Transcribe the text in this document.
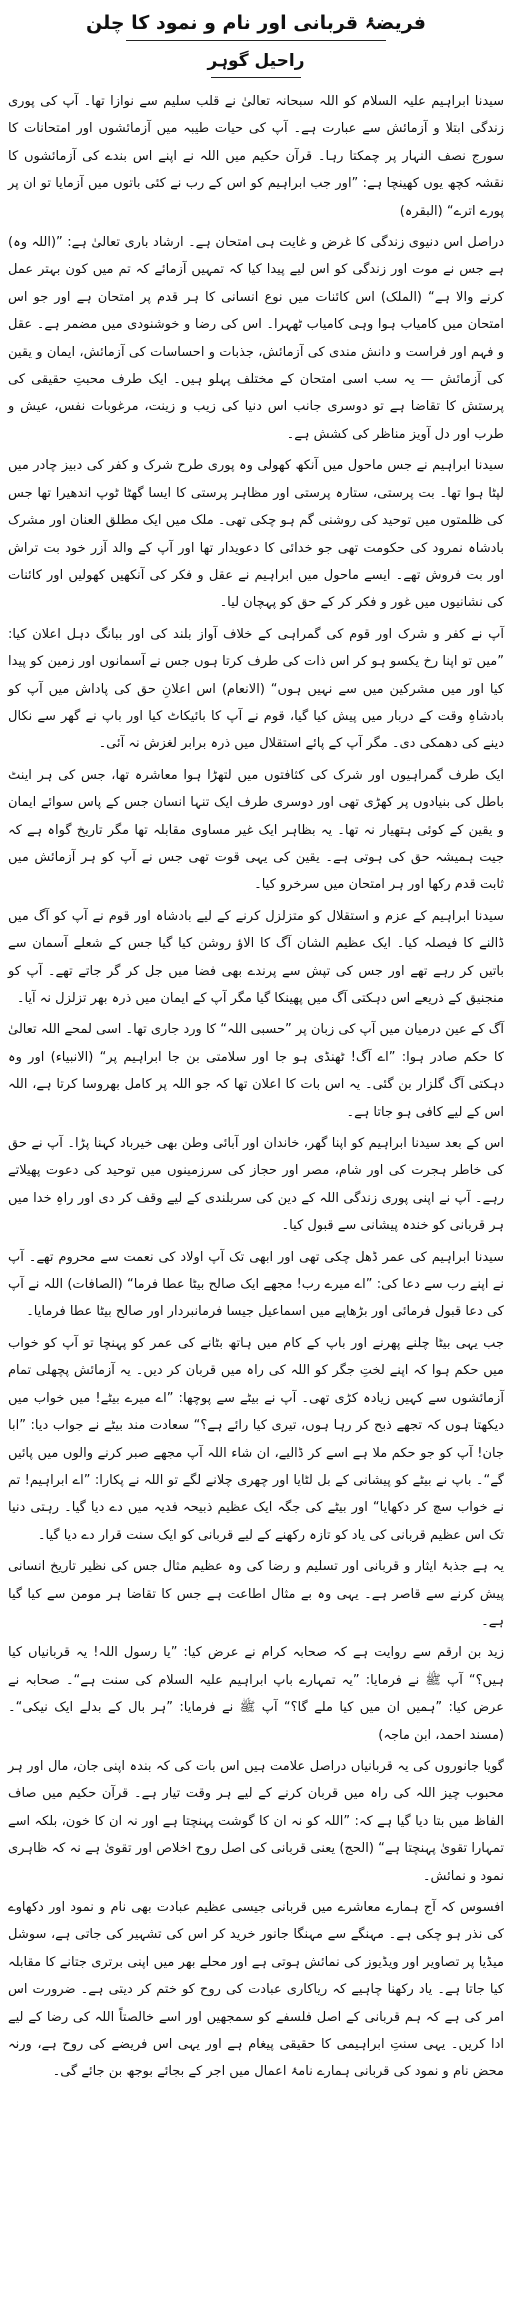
فریضۂ قربانی اور نام و نمود کا چلن
راحیل گوہر

سیدنا ابراہیم علیہ السلام کو اللہ سبحانہ تعالیٰ نے قلب سلیم سے نوازا تھا۔ آپ کی پوری زندگی ابتلا و آزمائش سے عبارت ہے۔ آپ کی حیات طیبہ میں آزمائشوں اور امتحانات کا سورج نصف النہار پر چمکتا رہا۔ قرآن حکیم میں اللہ نے اپنے اس بندے کی آزمائشوں کا نقشہ کچھ یوں کھینچا ہے: ”اور جب ابراہیم کو اس کے رب نے کئی باتوں میں آزمایا تو ان پر پورے اترے“ (البقرہ)

دراصل اس دنیوی زندگی کا غرض و غایت ہی امتحان ہے۔ ارشاد باری تعالیٰ ہے: ”(اللہ وہ) ہے جس نے موت اور زندگی کو اس لیے پیدا کیا کہ تمہیں آزمائے کہ تم میں کون بہتر عمل کرنے والا ہے“ (الملک) اس کائنات میں نوع انسانی کا ہر قدم پر امتحان ہے اور جو اس امتحان میں کامیاب ہوا وہی کامیاب ٹھہرا۔ اس کی رضا و خوشنودی میں مضمر ہے۔ عقل و فہم اور فراست و دانش مندی کی آزمائش، جذبات و احساسات کی آزمائش، ایمان و یقین کی آزمائش — یہ سب اسی امتحان کے مختلف پہلو ہیں۔ ایک طرف محبتِ حقیقی کی پرستش کا تقاضا ہے تو دوسری جانب اس دنیا کی زیب و زینت، مرغوبات نفس، عیش و طرب اور دل آویز مناظر کی کشش ہے۔

سیدنا ابراہیم نے جس ماحول میں آنکھ کھولی وہ پوری طرح شرک و کفر کی دبیز چادر میں لپٹا ہوا تھا۔ بت پرستی، ستارہ پرستی اور مظاہر پرستی کا ایسا گھٹا ٹوپ اندھیرا تھا جس کی ظلمتوں میں توحید کی روشنی گم ہو چکی تھی۔ ملک میں ایک مطلق العنان اور مشرک بادشاہ نمرود کی حکومت تھی جو خدائی کا دعویدار تھا اور آپ کے والد آزر خود بت تراش اور بت فروش تھے۔ ایسے ماحول میں ابراہیم نے عقل و فکر کی آنکھیں کھولیں اور کائنات کی نشانیوں میں غور و فکر کر کے حق کو پہچان لیا۔

آپ نے کفر و شرک اور قوم کی گمراہی کے خلاف آواز بلند کی اور ببانگ دہل اعلان کیا: ”میں تو اپنا رخ یکسو ہو کر اس ذات کی طرف کرتا ہوں جس نے آسمانوں اور زمین کو پیدا کیا اور میں مشرکین میں سے نہیں ہوں“ (الانعام) اس اعلانِ حق کی پاداش میں آپ کو بادشاہِ وقت کے دربار میں پیش کیا گیا، قوم نے آپ کا بائیکاٹ کیا اور باپ نے گھر سے نکال دینے کی دھمکی دی۔ مگر آپ کے پائے استقلال میں ذرہ برابر لغزش نہ آئی۔

ایک طرف گمراہیوں اور شرک کی کثافتوں میں لتھڑا ہوا معاشرہ تھا، جس کی ہر اینٹ باطل کی بنیادوں پر کھڑی تھی اور دوسری طرف ایک تنہا انسان جس کے پاس سوائے ایمان و یقین کے کوئی ہتھیار نہ تھا۔ یہ بظاہر ایک غیر مساوی مقابلہ تھا مگر تاریخ گواہ ہے کہ جیت ہمیشہ حق کی ہوتی ہے۔ یقین کی یہی قوت تھی جس نے آپ کو ہر آزمائش میں ثابت قدم رکھا اور ہر امتحان میں سرخرو کیا۔

سیدنا ابراہیم کے عزم و استقلال کو متزلزل کرنے کے لیے بادشاہ اور قوم نے آپ کو آگ میں ڈالنے کا فیصلہ کیا۔ ایک عظیم الشان آگ کا الاؤ روشن کیا گیا جس کے شعلے آسمان سے باتیں کر رہے تھے اور جس کی تپش سے پرندے بھی فضا میں جل کر گر جاتے تھے۔ آپ کو منجنیق کے ذریعے اس دہکتی آگ میں پھینکا گیا مگر آپ کے ایمان میں ذرہ بھر تزلزل نہ آیا۔

آگ کے عین درمیان میں آپ کی زبان پر ”حسبی اللہ“ کا ورد جاری تھا۔ اسی لمحے اللہ تعالیٰ کا حکم صادر ہوا: ”اے آگ! ٹھنڈی ہو جا اور سلامتی بن جا ابراہیم پر“ (الانبیاء) اور وہ دہکتی آگ گلزار بن گئی۔ یہ اس بات کا اعلان تھا کہ جو اللہ پر کامل بھروسا کرتا ہے، اللہ اس کے لیے کافی ہو جاتا ہے۔

اس کے بعد سیدنا ابراہیم کو اپنا گھر، خاندان اور آبائی وطن بھی خیرباد کہنا پڑا۔ آپ نے حق کی خاطر ہجرت کی اور شام، مصر اور حجاز کی سرزمینوں میں توحید کی دعوت پھیلاتے رہے۔ آپ نے اپنی پوری زندگی اللہ کے دین کی سربلندی کے لیے وقف کر دی اور راہِ خدا میں ہر قربانی کو خندہ پیشانی سے قبول کیا۔

سیدنا ابراہیم کی عمر ڈھل چکی تھی اور ابھی تک آپ اولاد کی نعمت سے محروم تھے۔ آپ نے اپنے رب سے دعا کی: ”اے میرے رب! مجھے ایک صالح بیٹا عطا فرما“ (الصافات) اللہ نے آپ کی دعا قبول فرمائی اور بڑھاپے میں اسماعیل جیسا فرمانبردار اور صالح بیٹا عطا فرمایا۔

جب یہی بیٹا چلنے پھرنے اور باپ کے کام میں ہاتھ بٹانے کی عمر کو پہنچا تو آپ کو خواب میں حکم ہوا کہ اپنے لختِ جگر کو اللہ کی راہ میں قربان کر دیں۔ یہ آزمائش پچھلی تمام آزمائشوں سے کہیں زیادہ کڑی تھی۔ آپ نے بیٹے سے پوچھا: ”اے میرے بیٹے! میں خواب میں دیکھتا ہوں کہ تجھے ذبح کر رہا ہوں، تیری کیا رائے ہے؟“ سعادت مند بیٹے نے جواب دیا: ”ابا جان! آپ کو جو حکم ملا ہے اسے کر ڈالیے، ان شاء اللہ آپ مجھے صبر کرنے والوں میں پائیں گے“۔ باپ نے بیٹے کو پیشانی کے بل لٹایا اور چھری چلانے لگے تو اللہ نے پکارا: ”اے ابراہیم! تم نے خواب سچ کر دکھایا“ اور بیٹے کی جگہ ایک عظیم ذبیحہ فدیہ میں دے دیا گیا۔ رہتی دنیا تک اس عظیم قربانی کی یاد کو تازہ رکھنے کے لیے قربانی کو ایک سنت قرار دے دیا گیا۔

یہ ہے جذبۂ ایثار و قربانی اور تسلیم و رضا کی وہ عظیم مثال جس کی نظیر تاریخ انسانی پیش کرنے سے قاصر ہے۔ یہی وہ بے مثال اطاعت ہے جس کا تقاضا ہر مومن سے کیا گیا ہے۔

زید بن ارقم سے روایت ہے کہ صحابہ کرام نے عرض کیا: ”یا رسول اللہ! یہ قربانیاں کیا ہیں؟“ آپ ﷺ نے فرمایا: ”یہ تمہارے باپ ابراہیم علیہ السلام کی سنت ہے“۔ صحابہ نے عرض کیا: ”ہمیں ان میں کیا ملے گا؟“ آپ ﷺ نے فرمایا: ”ہر بال کے بدلے ایک نیکی“۔ (مسند احمد، ابن ماجہ)

گویا جانوروں کی یہ قربانیاں دراصل علامت ہیں اس بات کی کہ بندہ اپنی جان، مال اور ہر محبوب چیز اللہ کی راہ میں قربان کرنے کے لیے ہر وقت تیار ہے۔ قرآن حکیم میں صاف الفاظ میں بتا دیا گیا ہے کہ: ”اللہ کو نہ ان کا گوشت پہنچتا ہے اور نہ ان کا خون، بلکہ اسے تمہارا تقویٰ پہنچتا ہے“ (الحج) یعنی قربانی کی اصل روح اخلاص اور تقویٰ ہے نہ کہ ظاہری نمود و نمائش۔

افسوس کہ آج ہمارے معاشرے میں قربانی جیسی عظیم عبادت بھی نام و نمود اور دکھاوے کی نذر ہو چکی ہے۔ مہنگے سے مہنگا جانور خرید کر اس کی تشہیر کی جاتی ہے، سوشل میڈیا پر تصاویر اور ویڈیوز کی نمائش ہوتی ہے اور محلے بھر میں اپنی برتری جتانے کا مقابلہ کیا جاتا ہے۔ یاد رکھنا چاہیے کہ ریاکاری عبادت کی روح کو ختم کر دیتی ہے۔ ضرورت اس امر کی ہے کہ ہم قربانی کے اصل فلسفے کو سمجھیں اور اسے خالصتاً اللہ کی رضا کے لیے ادا کریں۔ یہی سنتِ ابراہیمی کا حقیقی پیغام ہے اور یہی اس فریضے کی روح ہے، ورنہ محض نام و نمود کی قربانی ہمارے نامۂ اعمال میں اجر کے بجائے بوجھ بن جائے گی۔
